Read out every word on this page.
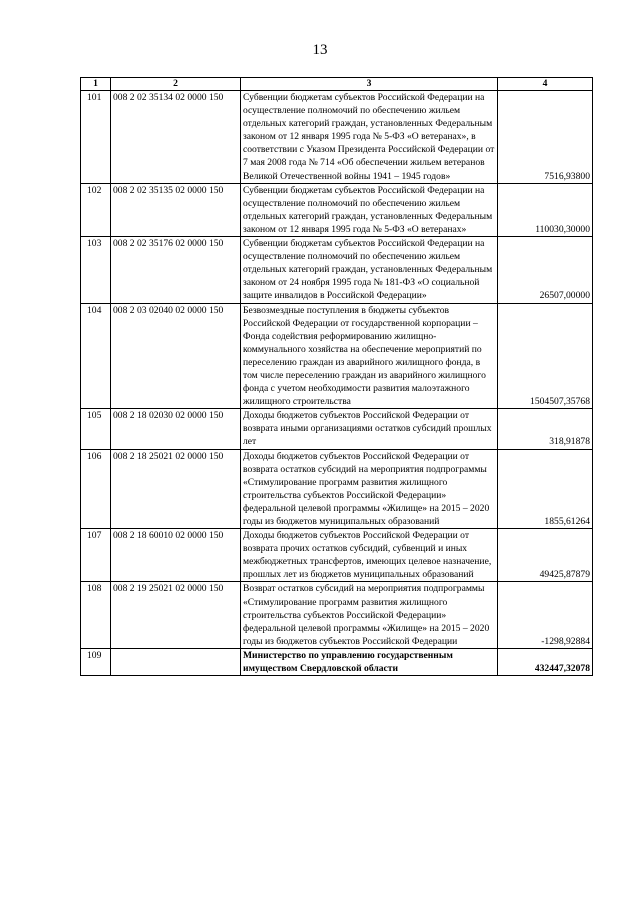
13
1	2	3	4
101	008 2 02 35134 02 0000 150	Субвенции бюджетам субъектов Российской Федерации на осуществление полномочий по обеспечению жильем отдельных категорий граждан, установленных Федеральным законом от 12 января 1995 года № 5-ФЗ «О ветеранах», в соответствии с Указом Президента Российской Федерации от 7 мая 2008 года № 714 «Об обеспечении жильем ветеранов Великой Отечественной войны 1941 – 1945 годов»	7516,93800
102	008 2 02 35135 02 0000 150	Субвенции бюджетам субъектов Российской Федерации на осуществление полномочий по обеспечению жильем отдельных категорий граждан, установленных Федеральным законом от 12 января 1995 года № 5-ФЗ «О ветеранах»	110030,30000
103	008 2 02 35176 02 0000 150	Субвенции бюджетам субъектов Российской Федерации на осуществление полномочий по обеспечению жильем отдельных категорий граждан, установленных Федеральным законом от 24 ноября 1995 года № 181-ФЗ «О социальной защите инвалидов в Российской Федерации»	26507,00000
104	008 2 03 02040 02 0000 150	Безвозмездные поступления в бюджеты субъектов Российской Федерации от государственной корпорации – Фонда содействия реформированию жилищно-коммунального хозяйства на обеспечение мероприятий по переселению граждан из аварийного жилищного фонда, в том числе переселению граждан из аварийного жилищного фонда с учетом необходимости развития малоэтажного жилищного строительства	1504507,35768
105	008 2 18 02030 02 0000 150	Доходы бюджетов субъектов Российской Федерации от возврата иными организациями остатков субсидий прошлых лет	318,91878
106	008 2 18 25021 02 0000 150	Доходы бюджетов субъектов Российской Федерации от возврата остатков субсидий на мероприятия подпрограммы «Стимулирование программ развития жилищного строительства субъектов Российской Федерации» федеральной целевой программы «Жилище» на 2015 – 2020 годы из бюджетов муниципальных образований	1855,61264
107	008 2 18 60010 02 0000 150	Доходы бюджетов субъектов Российской Федерации от возврата прочих остатков субсидий, субвенций и иных межбюджетных трансфертов, имеющих целевое назначение, прошлых лет из бюджетов муниципальных образований	49425,87879
108	008 2 19 25021 02 0000 150	Возврат остатков субсидий на мероприятия подпрограммы «Стимулирование программ развития жилищного строительства субъектов Российской Федерации» федеральной целевой программы «Жилище» на 2015 – 2020 годы из бюджетов субъектов Российской Федерации	-1298,92884
109		Министерство по управлению государственным имуществом Свердловской области	432447,32078
